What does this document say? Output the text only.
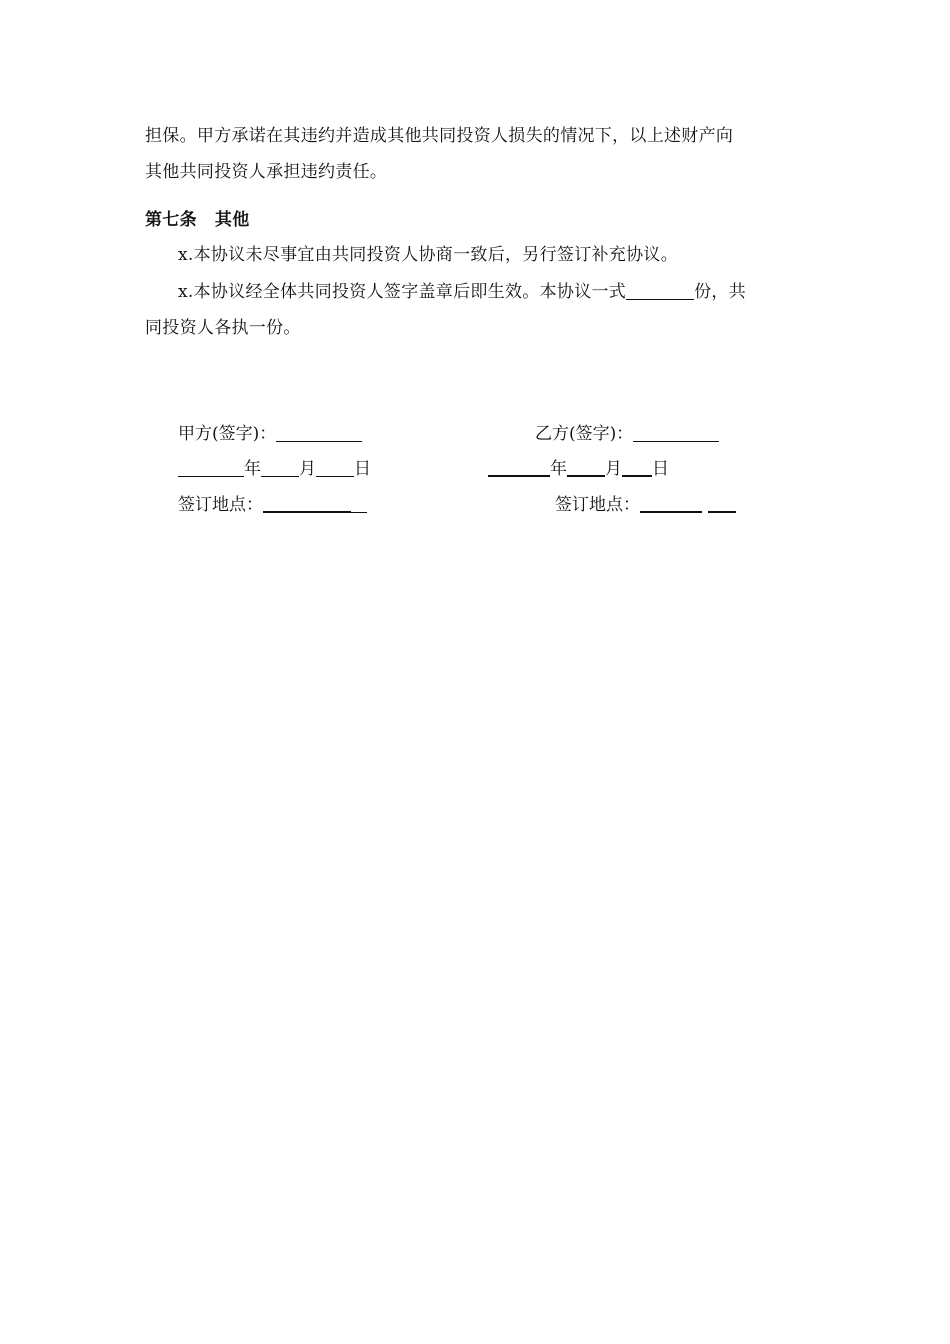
担保。甲方承诺在其违约并造成其他共同投资人损失的情况下，以上述财产向
其他共同投资人承担违约责任。
第七条 其他
x.本协议未尽事宜由共同投资人协商一致后，另行签订补充协议。
x.本协议经全体共同投资人签字盖章后即生效。本协议一式	份，共
同投资人各执一份。
甲方(签字)：
年 月 日
签订地点：
乙方(签字)：
年 月 日
签订地点：
